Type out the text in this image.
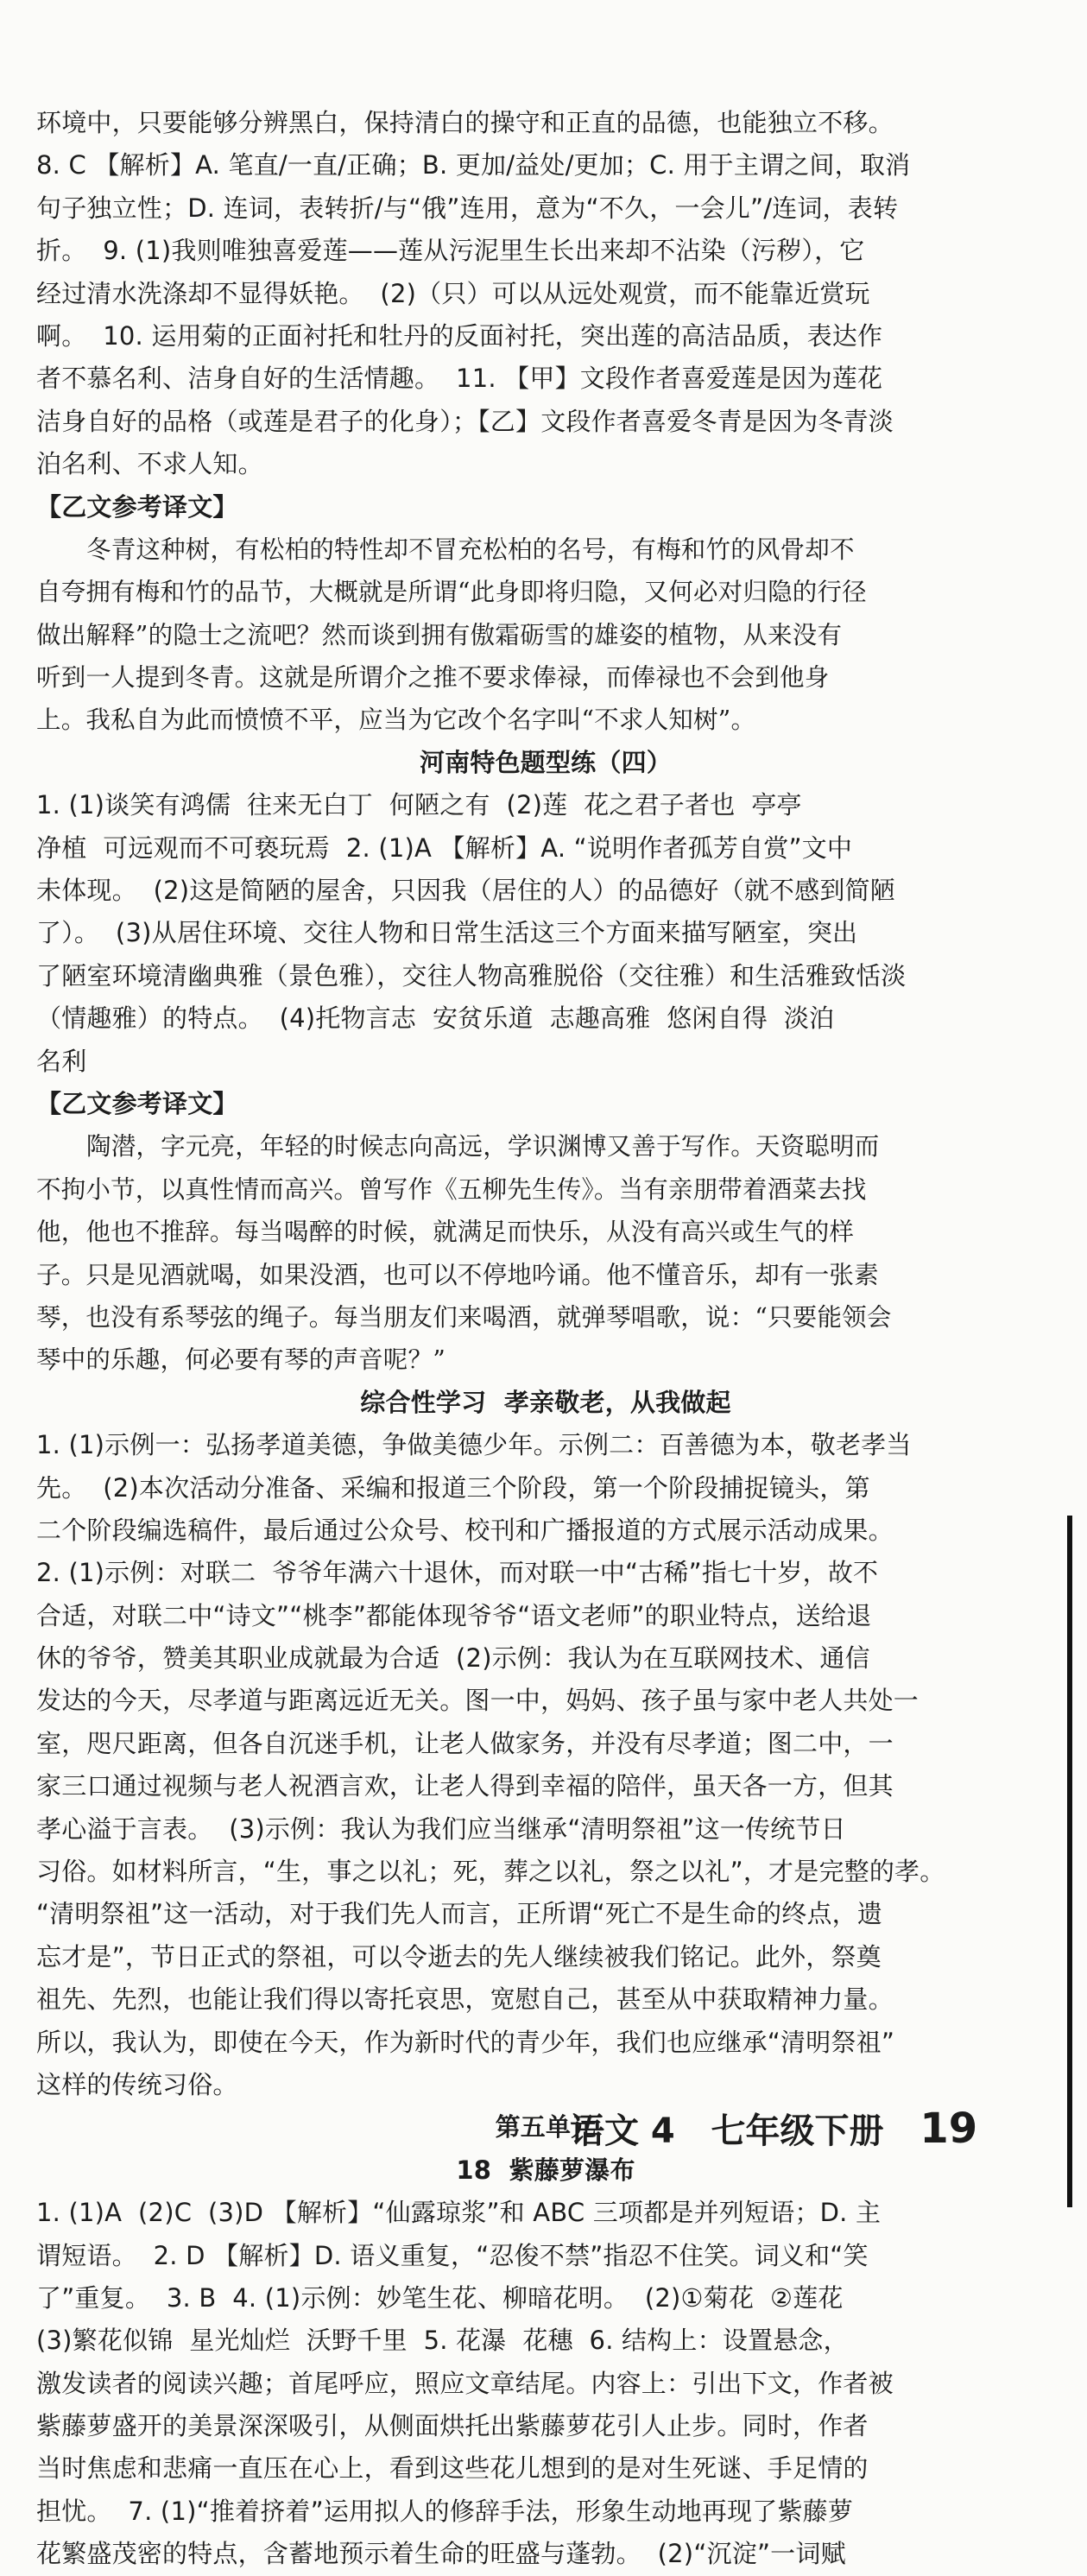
环境中，只要能够分辨黑白，保持清白的操守和正直的品德，也能独立不移。
8. C 【解析】A. 笔直/一直/正确；B. 更加/益处/更加；C. 用于主谓之间，取消
句子独立性；D. 连词，表转折/与“俄”连用，意为“不久，一会儿”/连词，表转
折。  9. (1)我则唯独喜爱莲——莲从污泥里生长出来却不沾染（污秽），它
经过清水洗涤却不显得妖艳。  (2)（只）可以从远处观赏，而不能靠近赏玩
啊。  10. 运用菊的正面衬托和牡丹的反面衬托，突出莲的高洁品质，表达作
者不慕名利、洁身自好的生活情趣。  11. 【甲】文段作者喜爱莲是因为莲花
洁身自好的品格（或莲是君子的化身）；【乙】文段作者喜爱冬青是因为冬青淡
泊名利、不求人知。
【乙文参考译文】
冬青这种树，有松柏的特性却不冒充松柏的名号，有梅和竹的风骨却不
自夸拥有梅和竹的品节，大概就是所谓“此身即将归隐，又何必对归隐的行径
做出解释”的隐士之流吧？然而谈到拥有傲霜砺雪的雄姿的植物，从来没有
听到一人提到冬青。这就是所谓介之推不要求俸禄，而俸禄也不会到他身
上。我私自为此而愤愤不平，应当为它改个名字叫“不求人知树”。
河南特色题型练（四）
1. (1)谈笑有鸿儒  往来无白丁  何陋之有  (2)莲  花之君子者也  亭亭
净植  可远观而不可亵玩焉  2. (1)A 【解析】A. “说明作者孤芳自赏”文中
未体现。  (2)这是简陋的屋舍，只因我（居住的人）的品德好（就不感到简陋
了）。  (3)从居住环境、交往人物和日常生活这三个方面来描写陋室，突出
了陋室环境清幽典雅（景色雅），交往人物高雅脱俗（交往雅）和生活雅致恬淡
（情趣雅）的特点。  (4)托物言志  安贫乐道  志趣高雅  悠闲自得  淡泊
名利
【乙文参考译文】
陶潜，字元亮，年轻的时候志向高远，学识渊博又善于写作。天资聪明而
不拘小节，以真性情而高兴。曾写作《五柳先生传》。当有亲朋带着酒菜去找
他，他也不推辞。每当喝醉的时候，就满足而快乐，从没有高兴或生气的样
子。只是见酒就喝，如果没酒，也可以不停地吟诵。他不懂音乐，却有一张素
琴，也没有系琴弦的绳子。每当朋友们来喝酒，就弹琴唱歌，说：“只要能领会
琴中的乐趣，何必要有琴的声音呢？”
综合性学习  孝亲敬老，从我做起
1. (1)示例一：弘扬孝道美德，争做美德少年。示例二：百善德为本，敬老孝当
先。  (2)本次活动分准备、采编和报道三个阶段，第一个阶段捕捉镜头，第
二个阶段编选稿件，最后通过公众号、校刊和广播报道的方式展示活动成果。
2. (1)示例：对联二  爷爷年满六十退休，而对联一中“古稀”指七十岁，故不
合适，对联二中“诗文”“桃李”都能体现爷爷“语文老师”的职业特点，送给退
休的爷爷，赞美其职业成就最为合适  (2)示例：我认为在互联网技术、通信
发达的今天，尽孝道与距离远近无关。图一中，妈妈、孩子虽与家中老人共处一
室，咫尺距离，但各自沉迷手机，让老人做家务，并没有尽孝道；图二中，一
家三口通过视频与老人祝酒言欢，让老人得到幸福的陪伴，虽天各一方，但其
孝心溢于言表。  (3)示例：我认为我们应当继承“清明祭祖”这一传统节日
习俗。如材料所言，“生，事之以礼；死，葬之以礼，祭之以礼”，才是完整的孝。
“清明祭祖”这一活动，对于我们先人而言，正所谓“死亡不是生命的终点，遗
忘才是”，节日正式的祭祖，可以令逝去的先人继续被我们铭记。此外，祭奠
祖先、先烈，也能让我们得以寄托哀思，宽慰自己，甚至从中获取精神力量。
所以，我认为，即使在今天，作为新时代的青少年，我们也应继承“清明祭祖”
这样的传统习俗。
第五单元
18  紫藤萝瀑布
1. (1)A  (2)C  (3)D 【解析】“仙露琼浆”和 ABC 三项都是并列短语；D. 主
谓短语。  2. D 【解析】D. 语义重复，“忍俊不禁”指忍不住笑。词义和“笑
了”重复。  3. B  4. (1)示例：妙笔生花、柳暗花明。  (2)①菊花  ②莲花
(3)繁花似锦  星光灿烂  沃野千里  5. 花瀑  花穗  6. 结构上：设置悬念，
激发读者的阅读兴趣；首尾呼应，照应文章结尾。内容上：引出下文，作者被
紫藤萝盛开的美景深深吸引，从侧面烘托出紫藤萝花引人止步。同时，作者
当时焦虑和悲痛一直压在心上，看到这些花儿想到的是对生死谜、手足情的
担忧。  7. (1)“推着挤着”运用拟人的修辞手法，形象生动地再现了紫藤萝
花繁盛茂密的特点，含蓄地预示着生命的旺盛与蓬勃。  (2)“沉淀”一词赋
语文 4 七年级下册 19
